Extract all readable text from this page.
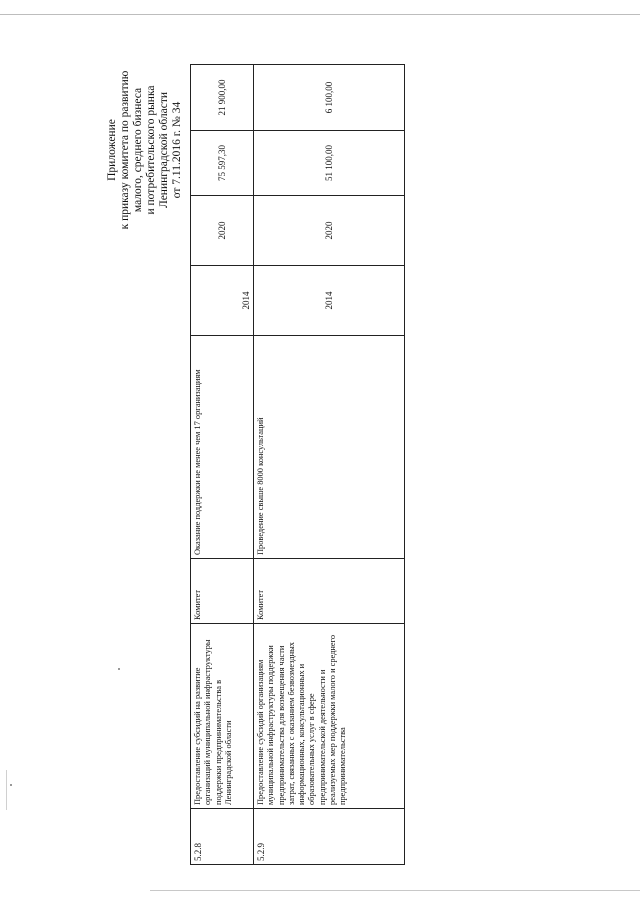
Приложение к приказу комитета по развитию малого, среднего бизнеса и потребительского рынка Ленинградской области от 7.11.2016 г. № 34
5.2.8	Предоставление субсидий на развитие организаций муниципальной инфраструктуры поддержки предпринимательства в Ленинградской области	Комитет	Оказание поддержки не менее чем 17 организациям	2014	2020	75 597,30	21 900,00
5.2.9	Предоставление субсидий организациям муниципальной инфраструктуры поддержки предпринимательства для возмещения части затрат, связанных с оказанием безвозмездных информационных, консультационных и образовательных услуг в сфере предпринимательской деятельности и реализуемых мер поддержки малого и среднего предпринимательства	Комитет	Проведение свыше 8000 консультаций	2014	2020	51 100,00	6 100,00
